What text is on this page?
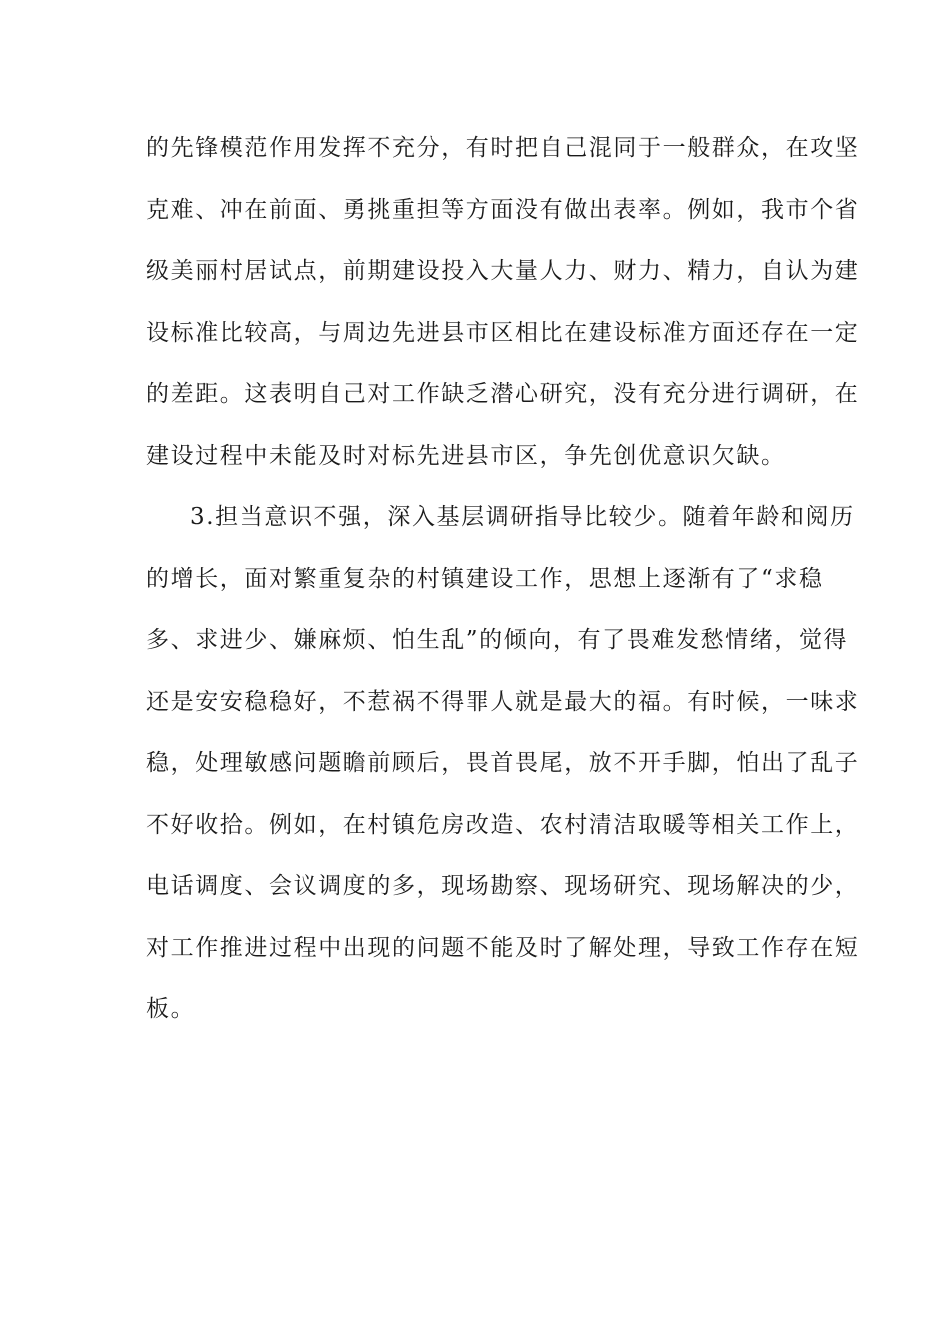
的先锋模范作用发挥不充分，有时把自己混同于一般群众，在攻坚
克难、冲在前面、勇挑重担等方面没有做出表率。例如，我市个省
级美丽村居试点，前期建设投入大量人力、财力、精力，自认为建
设标准比较高，与周边先进县市区相比在建设标准方面还存在一定
的差距。这表明自己对工作缺乏潜心研究，没有充分进行调研，在
建设过程中未能及时对标先进县市区，争先创优意识欠缺。
3.担当意识不强，深入基层调研指导比较少。随着年龄和阅历
的增长，面对繁重复杂的村镇建设工作，思想上逐渐有了“求稳
多、求进少、嫌麻烦、怕生乱”的倾向，有了畏难发愁情绪，觉得
还是安安稳稳好，不惹祸不得罪人就是最大的福。有时候，一味求
稳，处理敏感问题瞻前顾后，畏首畏尾，放不开手脚，怕出了乱子
不好收拾。例如，在村镇危房改造、农村清洁取暖等相关工作上，
电话调度、会议调度的多，现场勘察、现场研究、现场解决的少，
对工作推进过程中出现的问题不能及时了解处理，导致工作存在短
板。
